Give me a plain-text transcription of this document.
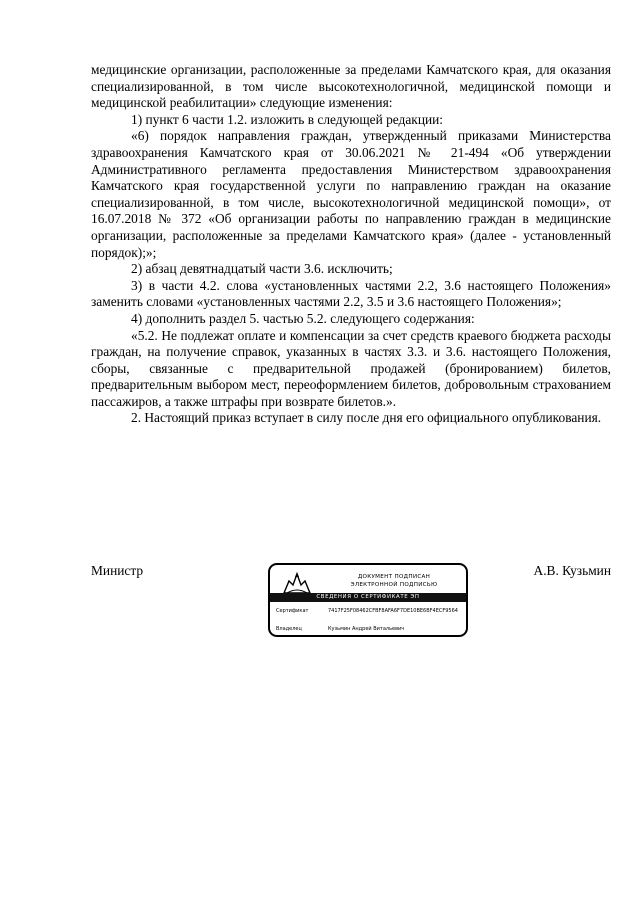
медицинские организации, расположенные за пределами Камчатского края, для оказания специализированной, в том числе высокотехнологичной, медицинской помощи и медицинской реабилитации» следующие изменения:

1) пункт 6 части 1.2. изложить в следующей редакции:

«6) порядок направления граждан, утвержденный приказами Министерства здравоохранения Камчатского края от 30.06.2021 № 21-494 «Об утверждении Административного регламента предоставления Министерством здравоохранения Камчатского края государственной услуги по направлению граждан на оказание специализированной, в том числе, высокотехнологичной медицинской помощи», от 16.07.2018 № 372 «Об организации работы по направлению граждан в медицинские организации, расположенные за пределами Камчатского края» (далее - установленный порядок);»;

2) абзац девятнадцатый части 3.6. исключить;

3) в части 4.2. слова «установленных частями 2.2, 3.6 настоящего Положения» заменить словами «установленных частями 2.2, 3.5 и 3.6 настоящего Положения»;

4) дополнить раздел 5. частью 5.2. следующего содержания:

«5.2. Не подлежат оплате и компенсации за счет средств краевого бюджета расходы граждан, на получение справок, указанных в частях 3.3. и 3.6. настоящего Положения, сборы, связанные с предварительной продажей (бронированием) билетов, предварительным выбором мест, переоформлением билетов, добровольным страхованием пассажиров, а также штрафы при возврате билетов.».

2. Настоящий приказ вступает в силу после дня его официального опубликования.

Министр	А.В. Кузьмин
ДОКУМЕНТ ПОДПИСАН
ЭЛЕКТРОННОЙ ПОДПИСЬЮ
СВЕДЕНИЯ О СЕРТИФИКАТЕ ЭП
Сертификат	7417F25F08462CFBF8AFA6F7DE10BE6BF4ECF9564
Владелец	Кузьмин Андрей Витальевич
